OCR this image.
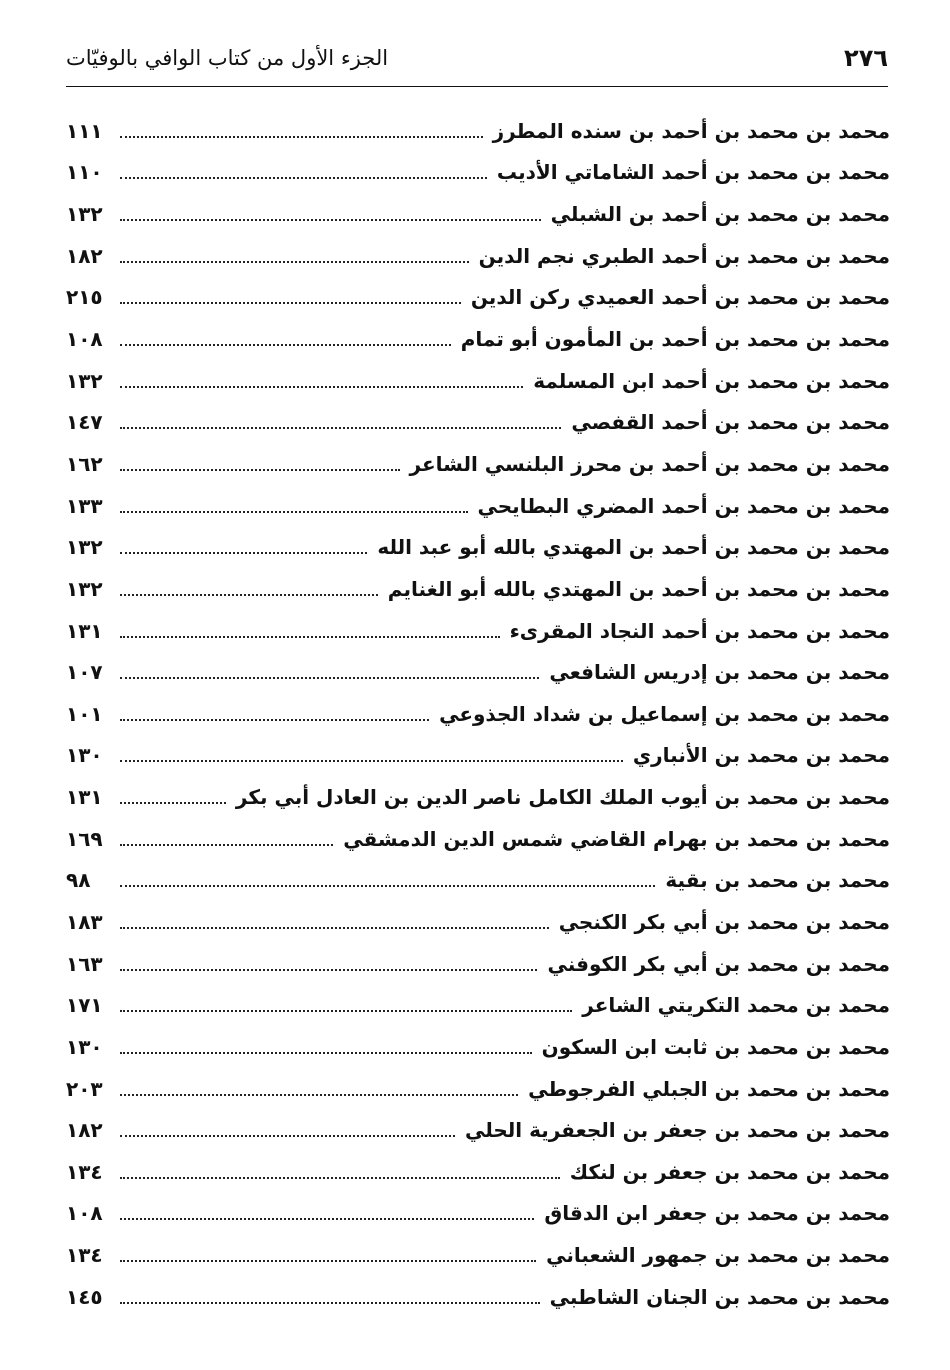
٢٧٦
الجزء الأول من كتاب الوافي بالوفيّات
محمد بن محمد بن أحمد بن سنده المطرز
١١١
محمد بن محمد بن أحمد الشاماتي الأديب
١١٠
محمد بن محمد بن أحمد بن الشبلي
١٣٢
محمد بن محمد بن أحمد الطبري نجم الدين
١٨٢
محمد بن محمد بن أحمد العميدي ركن الدين
٢١٥
محمد بن محمد بن أحمد بن المأمون أبو تمام
١٠٨
محمد بن محمد بن أحمد ابن المسلمة
١٣٢
محمد بن محمد بن أحمد القفصي
١٤٧
محمد بن محمد بن أحمد بن محرز البلنسي الشاعر
١٦٢
محمد بن محمد بن أحمد المضري البطايحي
١٣٣
محمد بن محمد بن أحمد بن المهتدي بالله أبو عبد الله
١٣٢
محمد بن محمد بن أحمد بن المهتدي بالله أبو الغنايم
١٣٢
محمد بن محمد بن أحمد النجاد المقرىء
١٣١
محمد بن محمد بن إدريس الشافعي
١٠٧
محمد بن محمد بن إسماعيل بن شداد الجذوعي
١٠١
محمد بن محمد بن الأنباري
١٣٠
محمد بن محمد بن أيوب الملك الكامل ناصر الدين بن العادل أبي بكر
١٣١
محمد بن محمد بن بهرام القاضي شمس الدين الدمشقي
١٦٩
محمد بن محمد بن بقية
٩٨
محمد بن محمد بن أبي بكر الكنجي
١٨٣
محمد بن محمد بن أبي بكر الكوفني
١٦٣
محمد بن محمد التكريتي الشاعر
١٧١
محمد بن محمد بن ثابت ابن السكون
١٣٠
محمد بن محمد بن الجبلي الفرجوطي
٢٠٣
محمد بن محمد بن جعفر بن الجعفرية الحلي
١٨٢
محمد بن محمد بن جعفر بن لنكك
١٣٤
محمد بن محمد بن جعفر ابن الدقاق
١٠٨
محمد بن محمد بن جمهور الشعباني
١٣٤
محمد بن محمد بن الجنان الشاطبي
١٤٥
